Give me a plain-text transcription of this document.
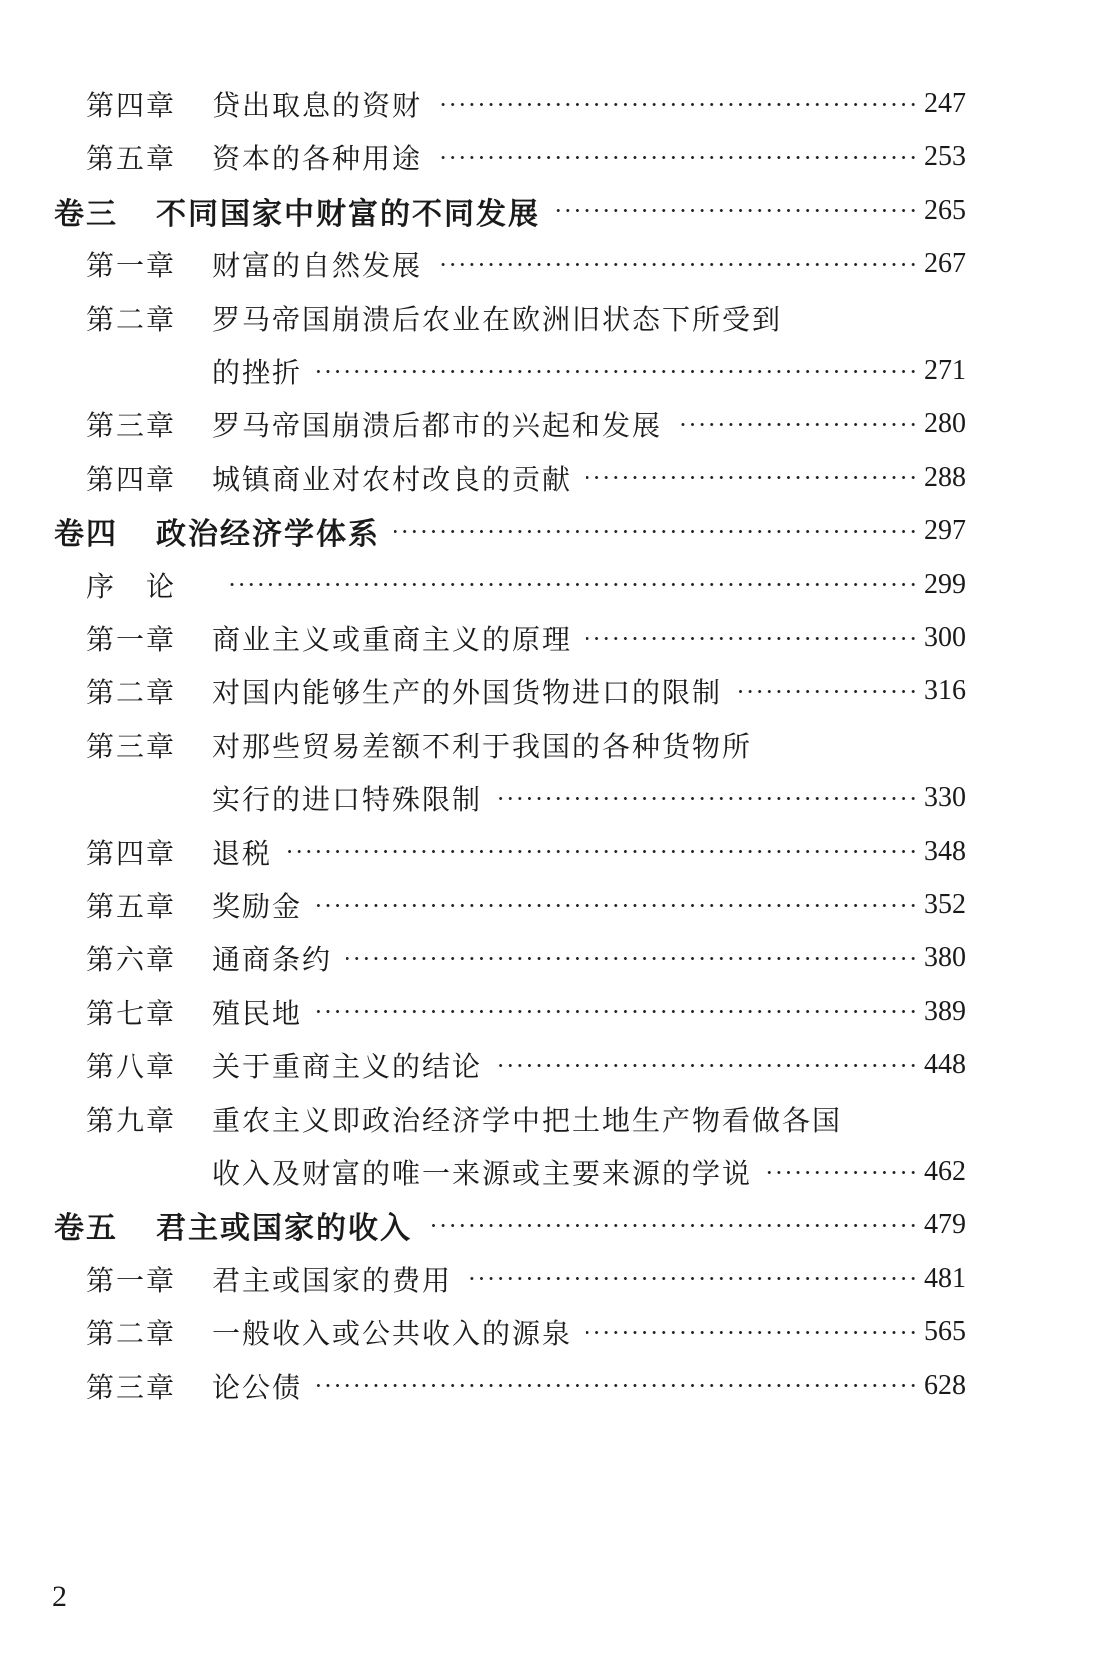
第四章	贷出取息的资财	247
第五章	资本的各种用途	253
卷三	不同国家中财富的不同发展	265
第一章	财富的自然发展	267
第二章	罗马帝国崩溃后农业在欧洲旧状态下所受到
的挫折	271
第三章	罗马帝国崩溃后都市的兴起和发展	280
第四章	城镇商业对农村改良的贡献	288
卷四	政治经济学体系	297
序　论	299
第一章	商业主义或重商主义的原理	300
第二章	对国内能够生产的外国货物进口的限制	316
第三章	对那些贸易差额不利于我国的各种货物所
实行的进口特殊限制	330
第四章	退税	348
第五章	奖励金	352
第六章	通商条约	380
第七章	殖民地	389
第八章	关于重商主义的结论	448
第九章	重农主义即政治经济学中把土地生产物看做各国
收入及财富的唯一来源或主要来源的学说	462
卷五	君主或国家的收入	479
第一章	君主或国家的费用	481
第二章	一般收入或公共收入的源泉	565
第三章	论公债	628
2
